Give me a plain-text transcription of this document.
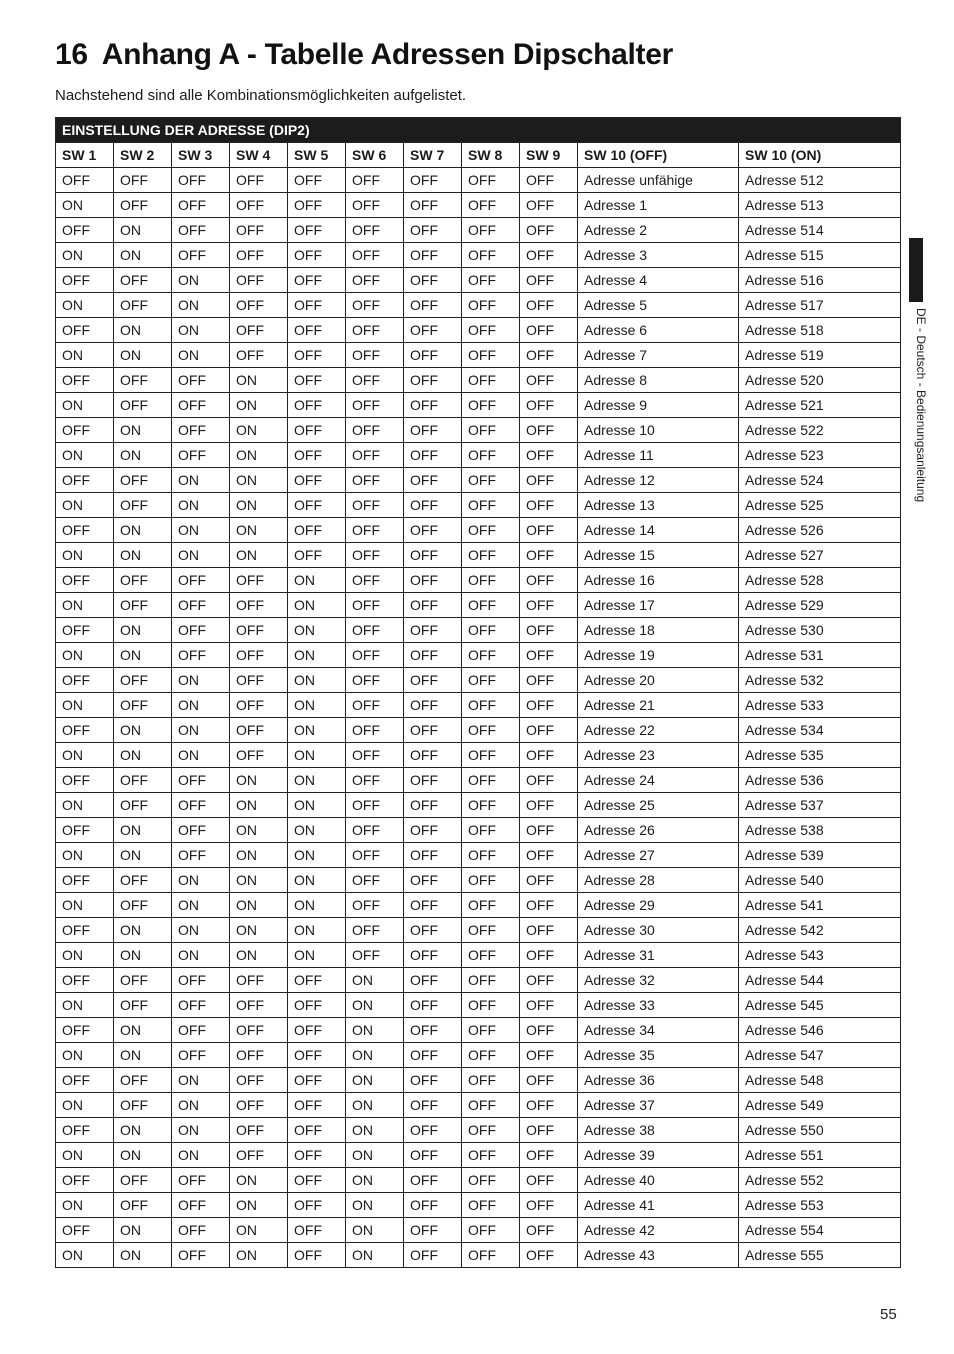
16 Anhang A - Tabelle Adressen Dipschalter
Nachstehend sind alle Kombinationsmöglichkeiten aufgelistet.
EINSTELLUNG DER ADRESSE (DIP2)										
SW 1	SW 2	SW 3	SW 4	SW 5	SW 6	SW 7	SW 8	SW 9	SW 10 (OFF)	SW 10 (ON)
OFF	OFF	OFF	OFF	OFF	OFF	OFF	OFF	OFF	Adresse unfähige	Adresse 512
ON	OFF	OFF	OFF	OFF	OFF	OFF	OFF	OFF	Adresse 1	Adresse 513
OFF	ON	OFF	OFF	OFF	OFF	OFF	OFF	OFF	Adresse 2	Adresse 514
ON	ON	OFF	OFF	OFF	OFF	OFF	OFF	OFF	Adresse 3	Adresse 515
OFF	OFF	ON	OFF	OFF	OFF	OFF	OFF	OFF	Adresse 4	Adresse 516
ON	OFF	ON	OFF	OFF	OFF	OFF	OFF	OFF	Adresse 5	Adresse 517
OFF	ON	ON	OFF	OFF	OFF	OFF	OFF	OFF	Adresse 6	Adresse 518
ON	ON	ON	OFF	OFF	OFF	OFF	OFF	OFF	Adresse 7	Adresse 519
OFF	OFF	OFF	ON	OFF	OFF	OFF	OFF	OFF	Adresse 8	Adresse 520
ON	OFF	OFF	ON	OFF	OFF	OFF	OFF	OFF	Adresse 9	Adresse 521
OFF	ON	OFF	ON	OFF	OFF	OFF	OFF	OFF	Adresse 10	Adresse 522
ON	ON	OFF	ON	OFF	OFF	OFF	OFF	OFF	Adresse 11	Adresse 523
OFF	OFF	ON	ON	OFF	OFF	OFF	OFF	OFF	Adresse 12	Adresse 524
ON	OFF	ON	ON	OFF	OFF	OFF	OFF	OFF	Adresse 13	Adresse 525
OFF	ON	ON	ON	OFF	OFF	OFF	OFF	OFF	Adresse 14	Adresse 526
ON	ON	ON	ON	OFF	OFF	OFF	OFF	OFF	Adresse 15	Adresse 527
OFF	OFF	OFF	OFF	ON	OFF	OFF	OFF	OFF	Adresse 16	Adresse 528
ON	OFF	OFF	OFF	ON	OFF	OFF	OFF	OFF	Adresse 17	Adresse 529
OFF	ON	OFF	OFF	ON	OFF	OFF	OFF	OFF	Adresse 18	Adresse 530
ON	ON	OFF	OFF	ON	OFF	OFF	OFF	OFF	Adresse 19	Adresse 531
OFF	OFF	ON	OFF	ON	OFF	OFF	OFF	OFF	Adresse 20	Adresse 532
ON	OFF	ON	OFF	ON	OFF	OFF	OFF	OFF	Adresse 21	Adresse 533
OFF	ON	ON	OFF	ON	OFF	OFF	OFF	OFF	Adresse 22	Adresse 534
ON	ON	ON	OFF	ON	OFF	OFF	OFF	OFF	Adresse 23	Adresse 535
OFF	OFF	OFF	ON	ON	OFF	OFF	OFF	OFF	Adresse 24	Adresse 536
ON	OFF	OFF	ON	ON	OFF	OFF	OFF	OFF	Adresse 25	Adresse 537
OFF	ON	OFF	ON	ON	OFF	OFF	OFF	OFF	Adresse 26	Adresse 538
ON	ON	OFF	ON	ON	OFF	OFF	OFF	OFF	Adresse 27	Adresse 539
OFF	OFF	ON	ON	ON	OFF	OFF	OFF	OFF	Adresse 28	Adresse 540
ON	OFF	ON	ON	ON	OFF	OFF	OFF	OFF	Adresse 29	Adresse 541
OFF	ON	ON	ON	ON	OFF	OFF	OFF	OFF	Adresse 30	Adresse 542
ON	ON	ON	ON	ON	OFF	OFF	OFF	OFF	Adresse 31	Adresse 543
OFF	OFF	OFF	OFF	OFF	ON	OFF	OFF	OFF	Adresse 32	Adresse 544
ON	OFF	OFF	OFF	OFF	ON	OFF	OFF	OFF	Adresse 33	Adresse 545
OFF	ON	OFF	OFF	OFF	ON	OFF	OFF	OFF	Adresse 34	Adresse 546
ON	ON	OFF	OFF	OFF	ON	OFF	OFF	OFF	Adresse 35	Adresse 547
OFF	OFF	ON	OFF	OFF	ON	OFF	OFF	OFF	Adresse 36	Adresse 548
ON	OFF	ON	OFF	OFF	ON	OFF	OFF	OFF	Adresse 37	Adresse 549
OFF	ON	ON	OFF	OFF	ON	OFF	OFF	OFF	Adresse 38	Adresse 550
ON	ON	ON	OFF	OFF	ON	OFF	OFF	OFF	Adresse 39	Adresse 551
OFF	OFF	OFF	ON	OFF	ON	OFF	OFF	OFF	Adresse 40	Adresse 552
ON	OFF	OFF	ON	OFF	ON	OFF	OFF	OFF	Adresse 41	Adresse 553
OFF	ON	OFF	ON	OFF	ON	OFF	OFF	OFF	Adresse 42	Adresse 554
ON	ON	OFF	ON	OFF	ON	OFF	OFF	OFF	Adresse 43	Adresse 555
DE - Deutsch - Bedienungsanleitung
55
